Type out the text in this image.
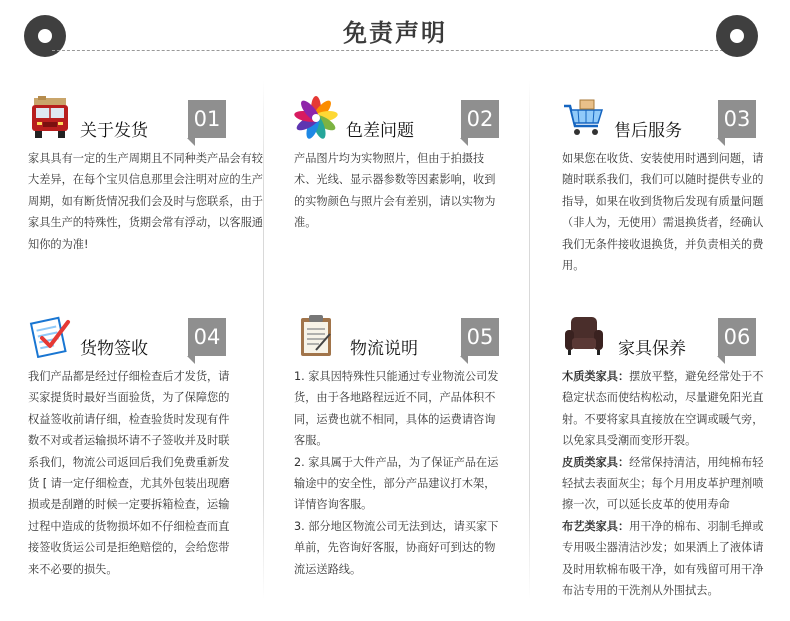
免责声明
关于发货 01

家具具有一定的生产周期且不同种类产品会有较大差异，在每个宝贝信息那里会注明对应的生产周期，如有断货情况我们会及时与您联系，由于家具生产的特殊性，货期会常有浮动，以客服通知你的为准!

色差问题	02

产品图片均为实物照片，但由于拍摄技术、光线、显示器参数等因素影响，收到的实物颜色与照片会有差别，请以实物为准。

售后服务 03

如果您在收货、安装使用时遇到问题，请随时联系我们，我们可以随时提供专业的指导，如果在收到货物后发现有质量问题（非人为，无使用）需退换货者，经确认我们无条件接收退换货，并负责相关的费用。

货物签收 04

我们产品都是经过仔细检查后才发货，请买家提货时最好当面验货，为了保障您的权益签收前请仔细，检查验货时发现有件数不对或者运输损坏请不子签收并及时联系我们，物流公司返回后我们免费重新发货 [ 请一定仔细检查，尤其外包装出现磨损或是刮蹭的时候一定要拆箱检查，运输过程中造成的货物损坏如不仔细检查而直接签收货运公司是拒绝赔偿的，会给您带来不必要的损失。

物流说明 05

1. 家具因特殊性只能通过专业物流公司发货，由于各地路程远近不同，产品体积不同，运费也就不相同，具体的运费请咨询客服。

2. 家具属于大件产品，为了保证产品在运输途中的安全性，部分产品建议打木架，详情咨询客服。

3. 部分地区物流公司无法到达，请买家下单前，先咨询好客服，协商好可到达的物流运送路线。

家具保养 06

木质类家具：摆放平整，避免经常处于不稳定状态而使结构松动，尽量避免阳光直射。不要将家具直接放在空调或暖气旁，以免家具受潮而变形开裂。

皮质类家具：经常保持清洁，用纯棉布轻轻拭去表面灰尘；每个月用皮革护理剂喷擦一次，可以延长皮革的使用寿命

布艺类家具：用干净的棉布、羽制毛掸或专用吸尘器清洁沙发；如果洒上了液体请及时用软棉布吸干净，如有残留可用干净布沾专用的干洗剂从外围拭去。
